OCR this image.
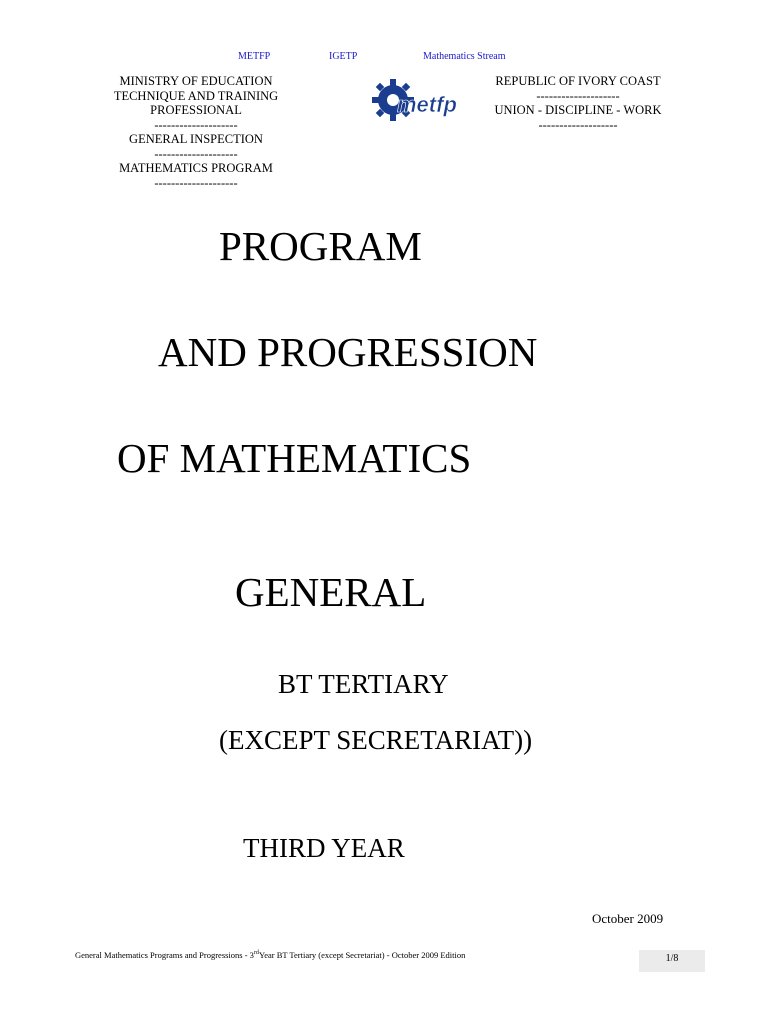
METFP	IGETP	Mathematics Stream
MINISTRY OF EDUCATION
TECHNIQUE AND TRAINING
PROFESSIONAL
--------------------
GENERAL INSPECTION
--------------------
MATHEMATICS PROGRAM
--------------------
metfp
REPUBLIC OF IVORY COAST
--------------------
UNION - DISCIPLINE - WORK
-------------------
PROGRAM
AND PROGRESSION
OF MATHEMATICS
GENERAL
BT TERTIARY
(EXCEPT SECRETARIAT))
THIRD YEAR
October 2009
General Mathematics Programs and Progressions - 3rdYear BT Tertiary (except Secretariat) - October 2009 Edition	1/8
